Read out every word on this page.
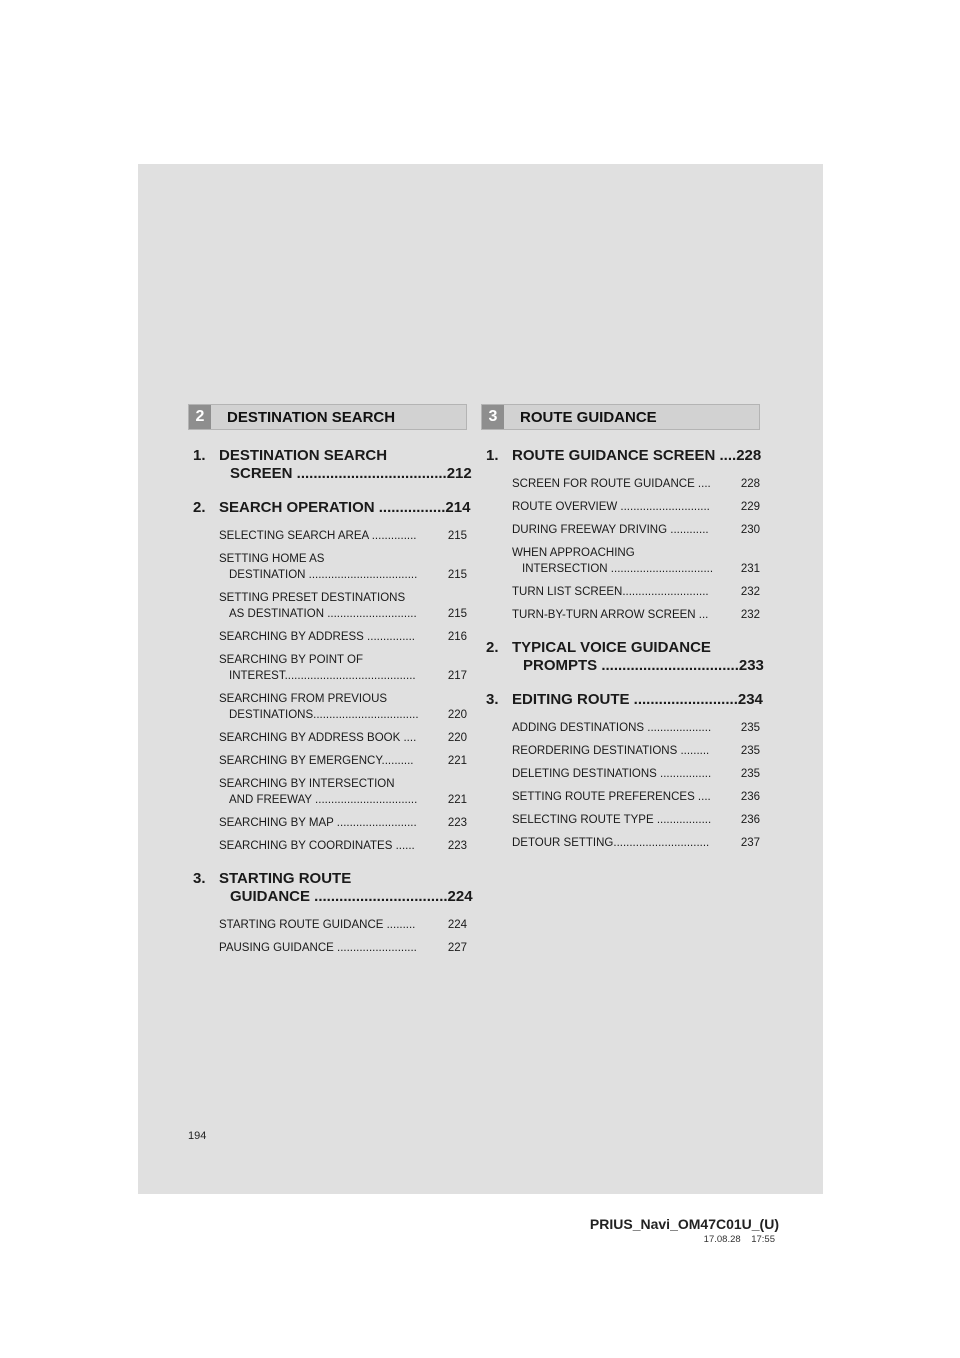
2	DESTINATION SEARCH
1. DESTINATION SEARCH
SCREEN .................................... 212
2. SEARCH OPERATION ................ 214
SELECTING SEARCH AREA ..............	215
SETTING HOME AS
DESTINATION ..................................	215
SETTING PRESET DESTINATIONS
AS DESTINATION ............................	215
SEARCHING BY ADDRESS ...............	216
SEARCHING BY POINT OF
INTEREST.........................................	217
SEARCHING FROM PREVIOUS
DESTINATIONS.................................	220
SEARCHING BY ADDRESS BOOK ....	220
SEARCHING BY EMERGENCY..........	221
SEARCHING BY INTERSECTION
AND FREEWAY ................................	221
SEARCHING BY MAP .........................	223
SEARCHING BY COORDINATES ......	223
3. STARTING ROUTE
GUIDANCE ................................ 224
STARTING ROUTE GUIDANCE .........	224
PAUSING GUIDANCE .........................	227
3	ROUTE GUIDANCE
1. ROUTE GUIDANCE SCREEN .... 228
SCREEN FOR ROUTE GUIDANCE ....	228
ROUTE OVERVIEW ............................	229
DURING FREEWAY DRIVING ............	230
WHEN APPROACHING
INTERSECTION ................................ 231
TURN LIST SCREEN...........................	232
TURN-BY-TURN ARROW SCREEN ...	232
2. TYPICAL VOICE GUIDANCE
PROMPTS ................................. 233
3. EDITING ROUTE ......................... 234
ADDING DESTINATIONS ....................	235
REORDERING DESTINATIONS .........	235
DELETING DESTINATIONS ................	235
SETTING ROUTE PREFERENCES ....	236
SELECTING ROUTE TYPE .................	236
DETOUR SETTING..............................	237
194
PRIUS_Navi_OM47C01U_(U)
17.08.28 17:55
